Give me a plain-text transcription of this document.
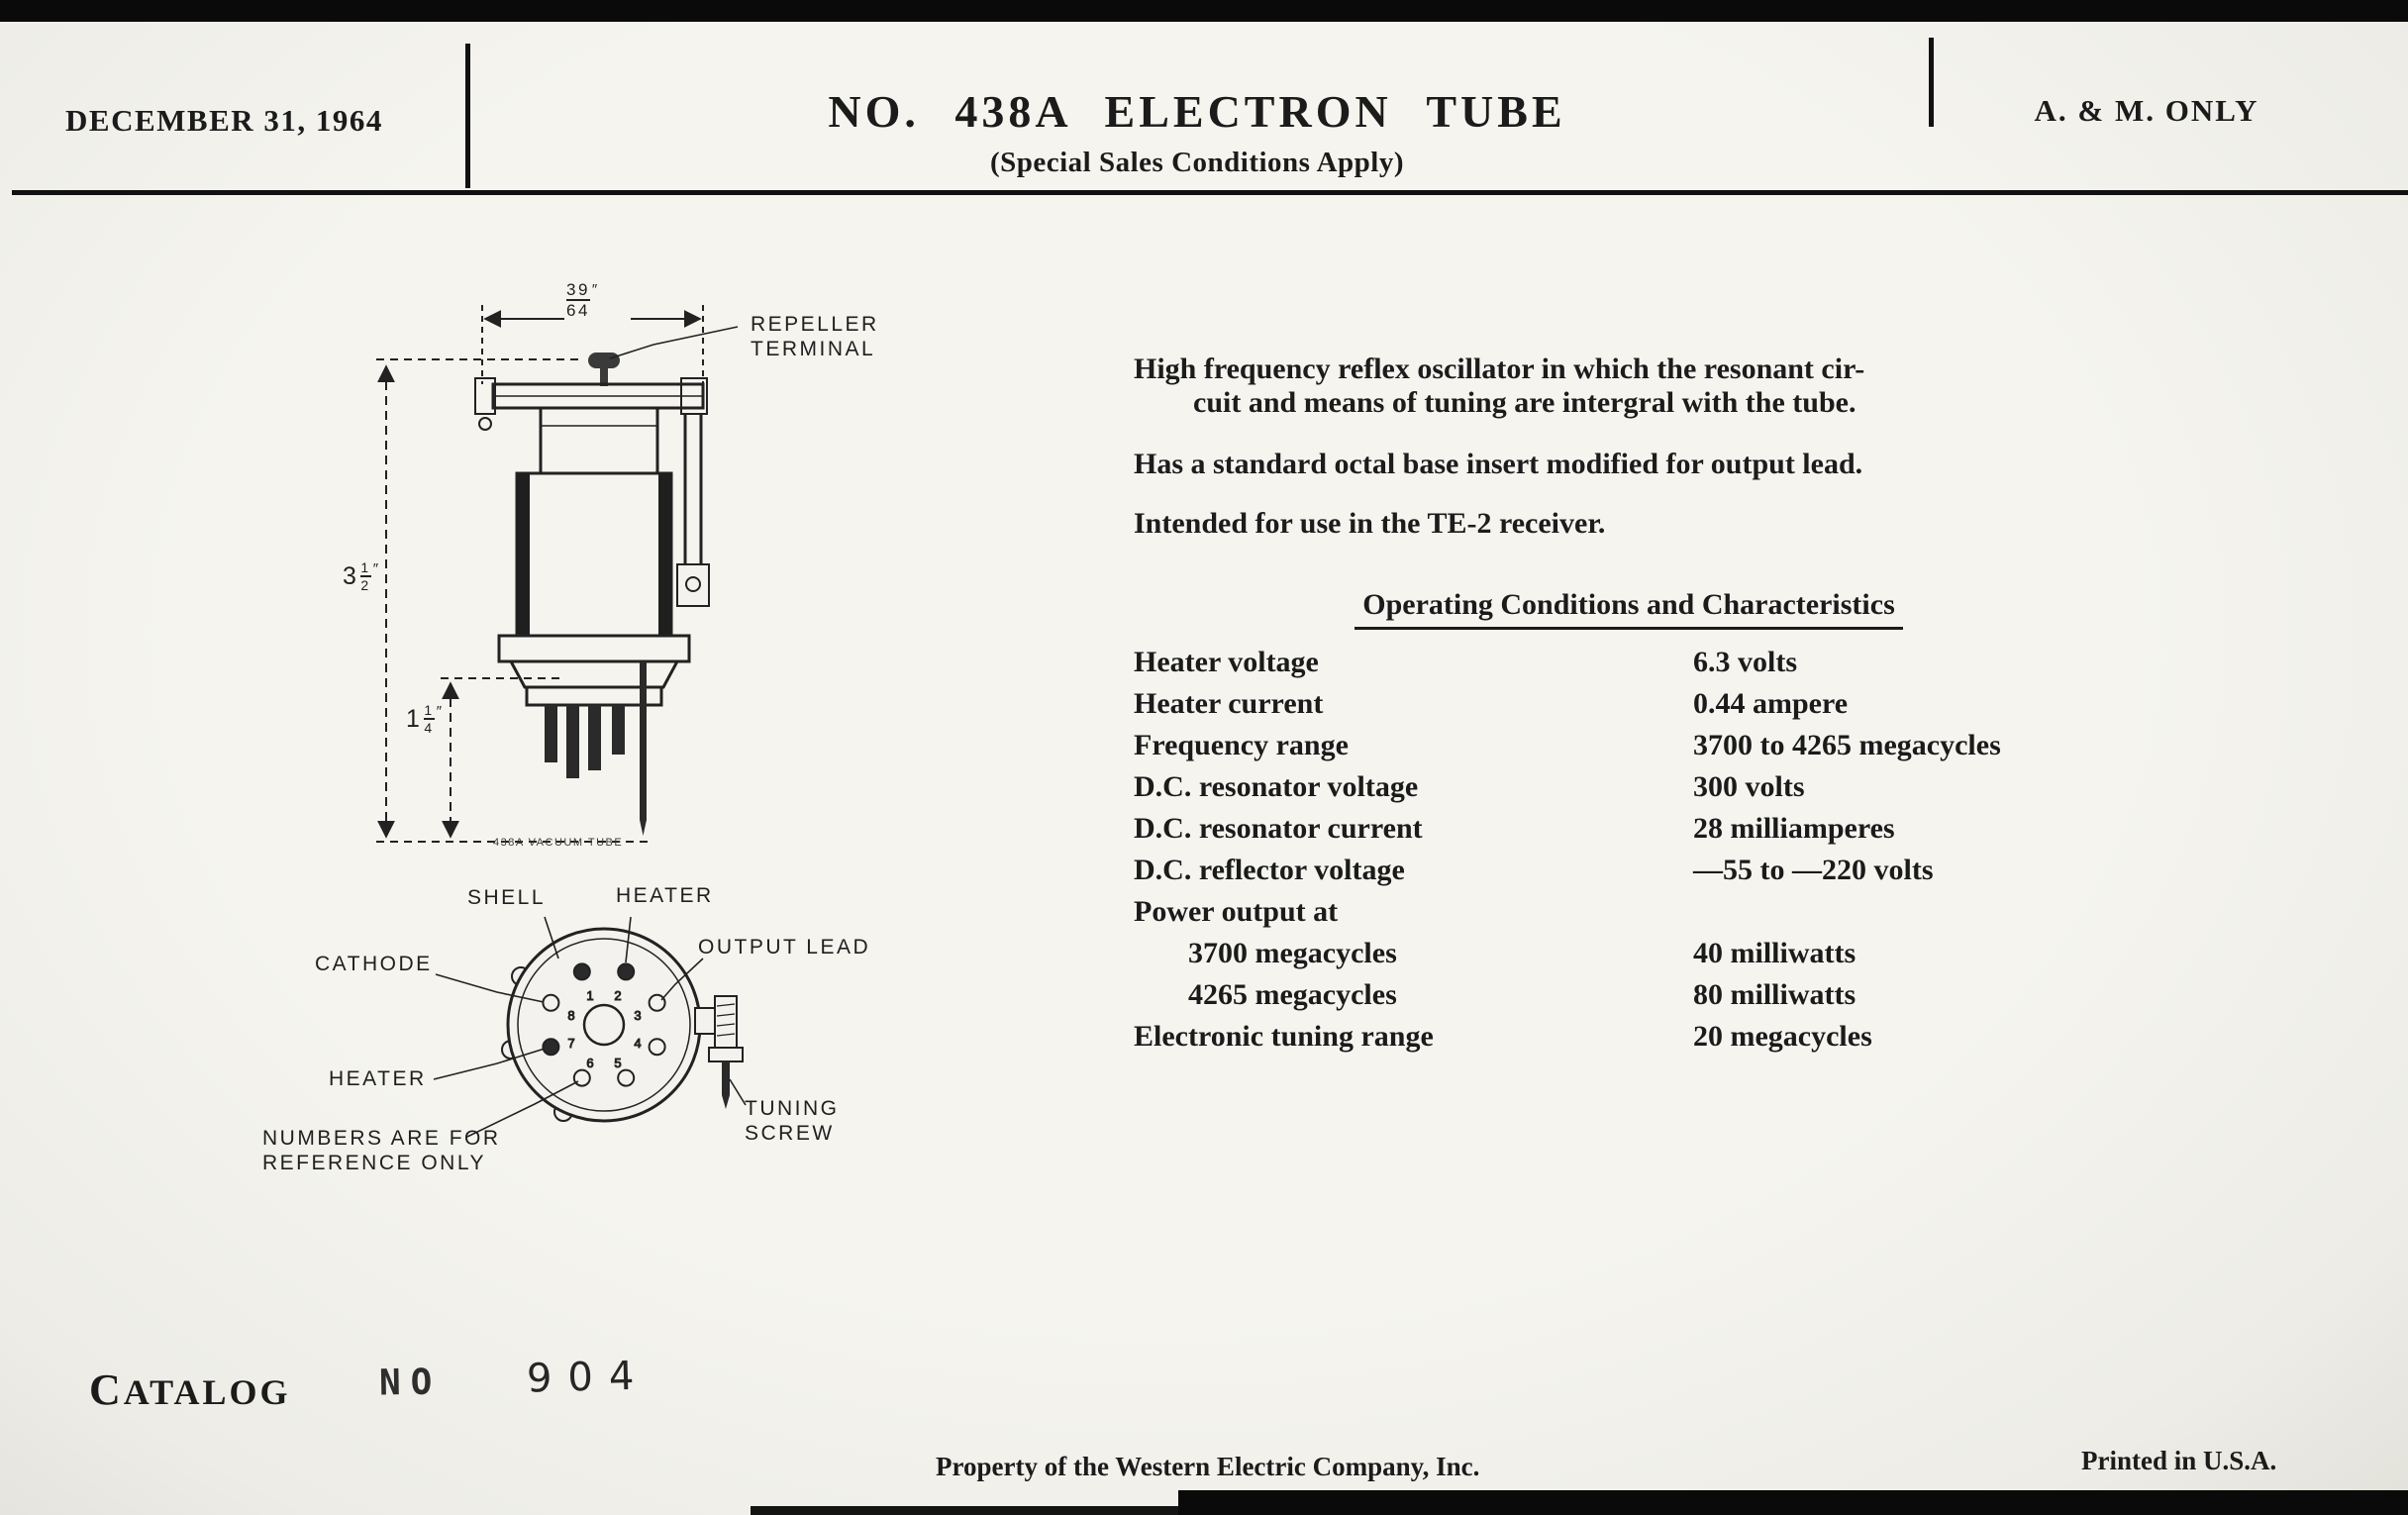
DECEMBER 31, 1964	NO. 438A ELECTRON TUBE
(Special Sales Conditions Apply)
A. & M. ONLY
1 2
3
4
5
6
7
8
$\frac{39}{64} ''$
$3 \frac{1}{2} ''$
$1 \frac{1}{4} ''$
REPELLER
TERMINAL
438A VACUUM TUBE
SHELL	HEATER
CATHODE
OUTPUT LEAD
HEATER
TUNING
SCREW
NUMBERS ARE FOR
REFERENCE ONLY
High frequency reflex oscillator in which the resonant cir-
cuit and means of tuning are intergral with the tube.
Has a standard octal base insert modified for output lead.
Intended for use in the TE-2 receiver.
Operating Conditions and Characteristics
Heater voltage	6.3 volts
Heater current	0.44 ampere
Frequency range	3700 to 4265 megacycles
D.C. resonator voltage	300 volts
D.C. resonator current	28 milliamperes
D.C. reflector voltage	—55 to —220 volts
Power output at
3700 megacycles	40 milliwatts
4265 megacycles	80 milliwatts
Electronic tuning range	20 megacycles
CATALOG NO 904
Property of the Western Electric Company, Inc.	Printed in U.S.A.
